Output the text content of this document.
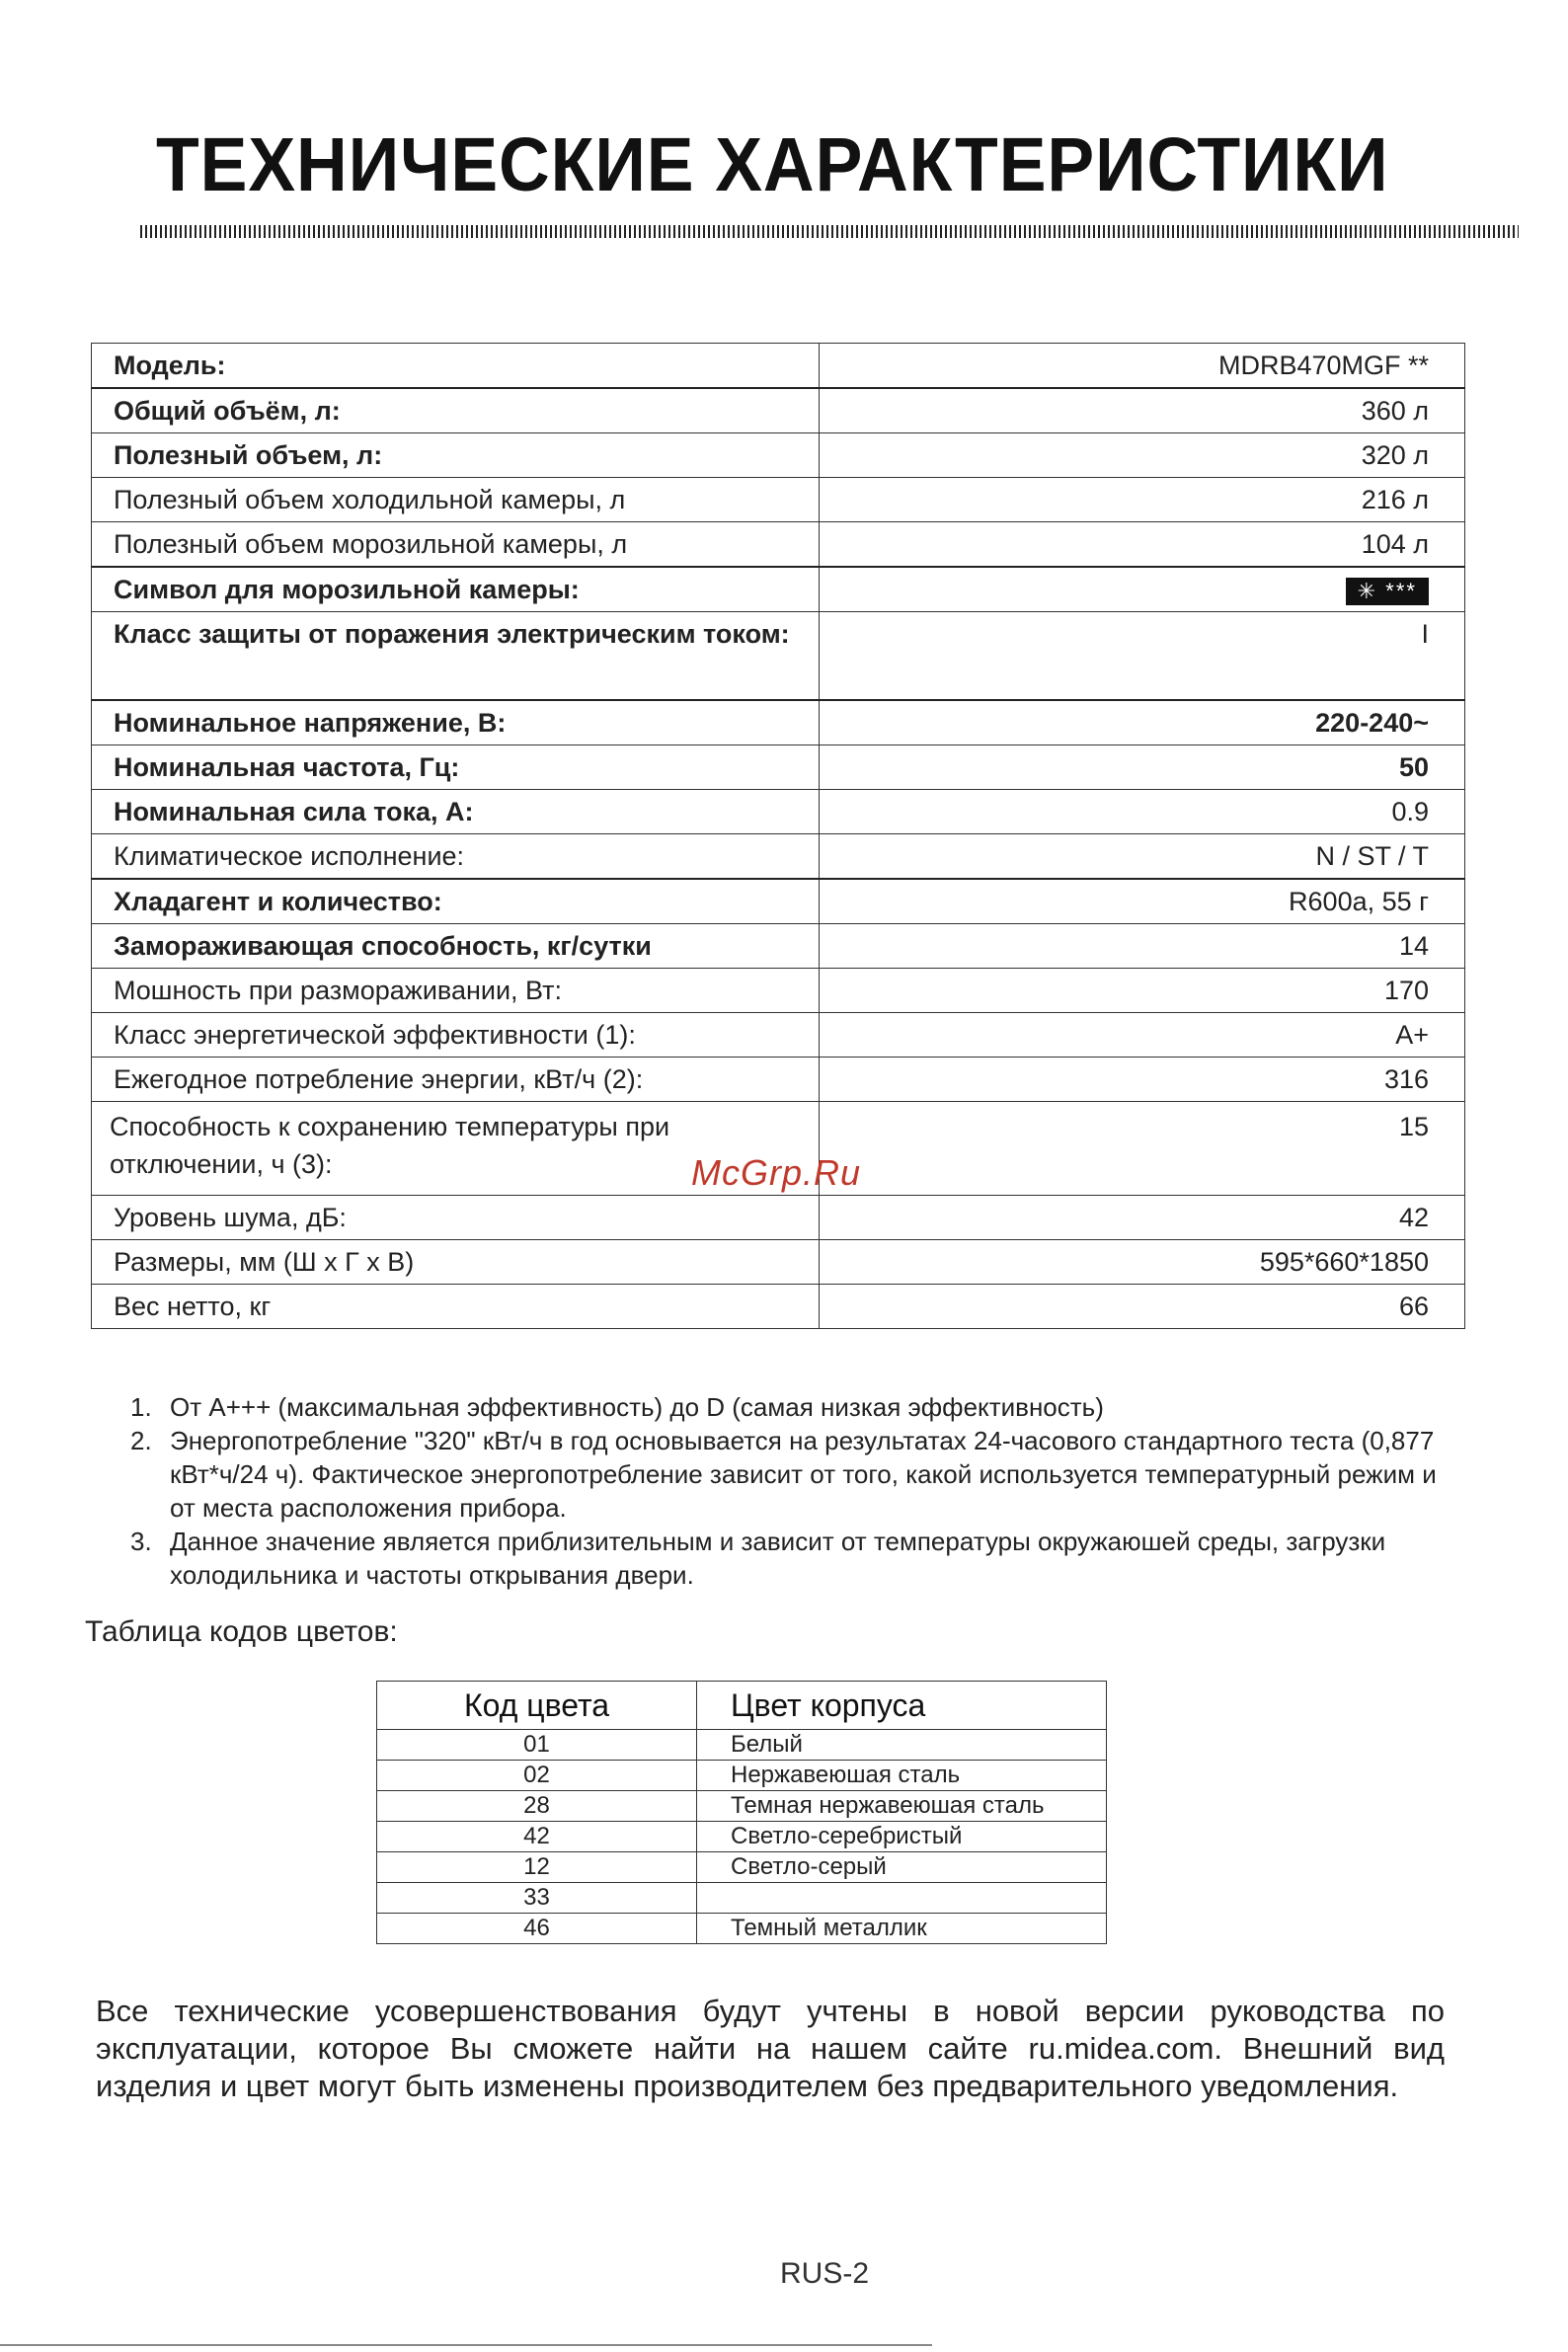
ТЕХНИЧЕСКИЕ ХАРАКТЕРИСТИКИ
Модель:	MDRB470MGF **
Общий объём, л:	360 л
Полезный объем, л:	320 л
Полезный объем холодильной камеры, л	216 л
Полезный объем морозильной камеры, л	104 л
Символ для морозильной камеры:	✳ ***
Класс защиты от поражения электрическим током:	I
Номинальное напряжение, В:	220-240~
Номинальная частота, Гц:	50
Номинальная сила тока, А:	0.9
Климатическое исполнение:	N / ST / T
Хладагент и количество:	R600a, 55 г
Замораживающая способность, кг/сутки	14
Мошность при размораживании, Вт:	170
Класс энергетической эффективности (1):	A+
Ежегодное потребление энергии, кВт/ч (2):	316
Способность к сохранению температуры при отключении, ч (3):	15
Уровень шума, дБ:	42
Размеры, мм (Ш х Г х В)	595*660*1850
Вес нетто, кг	66
McGrp.Ru
1. От A+++ (максимальная эффективность) до D (самая низкая эффективность)
2. Энергопотребление "320" кВт/ч в год основывается на результатах 24-часового стандартного теста (0,877 кВт*ч/24 ч). Фактическое энергопотребление зависит от того, какой используется температурный режим и от места расположения прибора.
3. Данное значение является приблизительным и зависит от температуры окружаюшей среды, загрузки холодильника и частоты открывания двери.
Таблица кодов цветов:
Код цвета	Цвет корпуса
01	Белый
02	Нержавеюшая сталь
28	Темная нержавеюшая сталь
42	Светло-серебристый
12	Светло-серый
33	
46	Темный металлик

Все технические усовершенствования будут учтены в новой версии руководства по эксплуатации, которое Вы сможете найти на нашем сайте ru.midea.com. Внешний вид изделия и цвет могут быть изменены производителем без предварительного уведомления.

RUS-2
